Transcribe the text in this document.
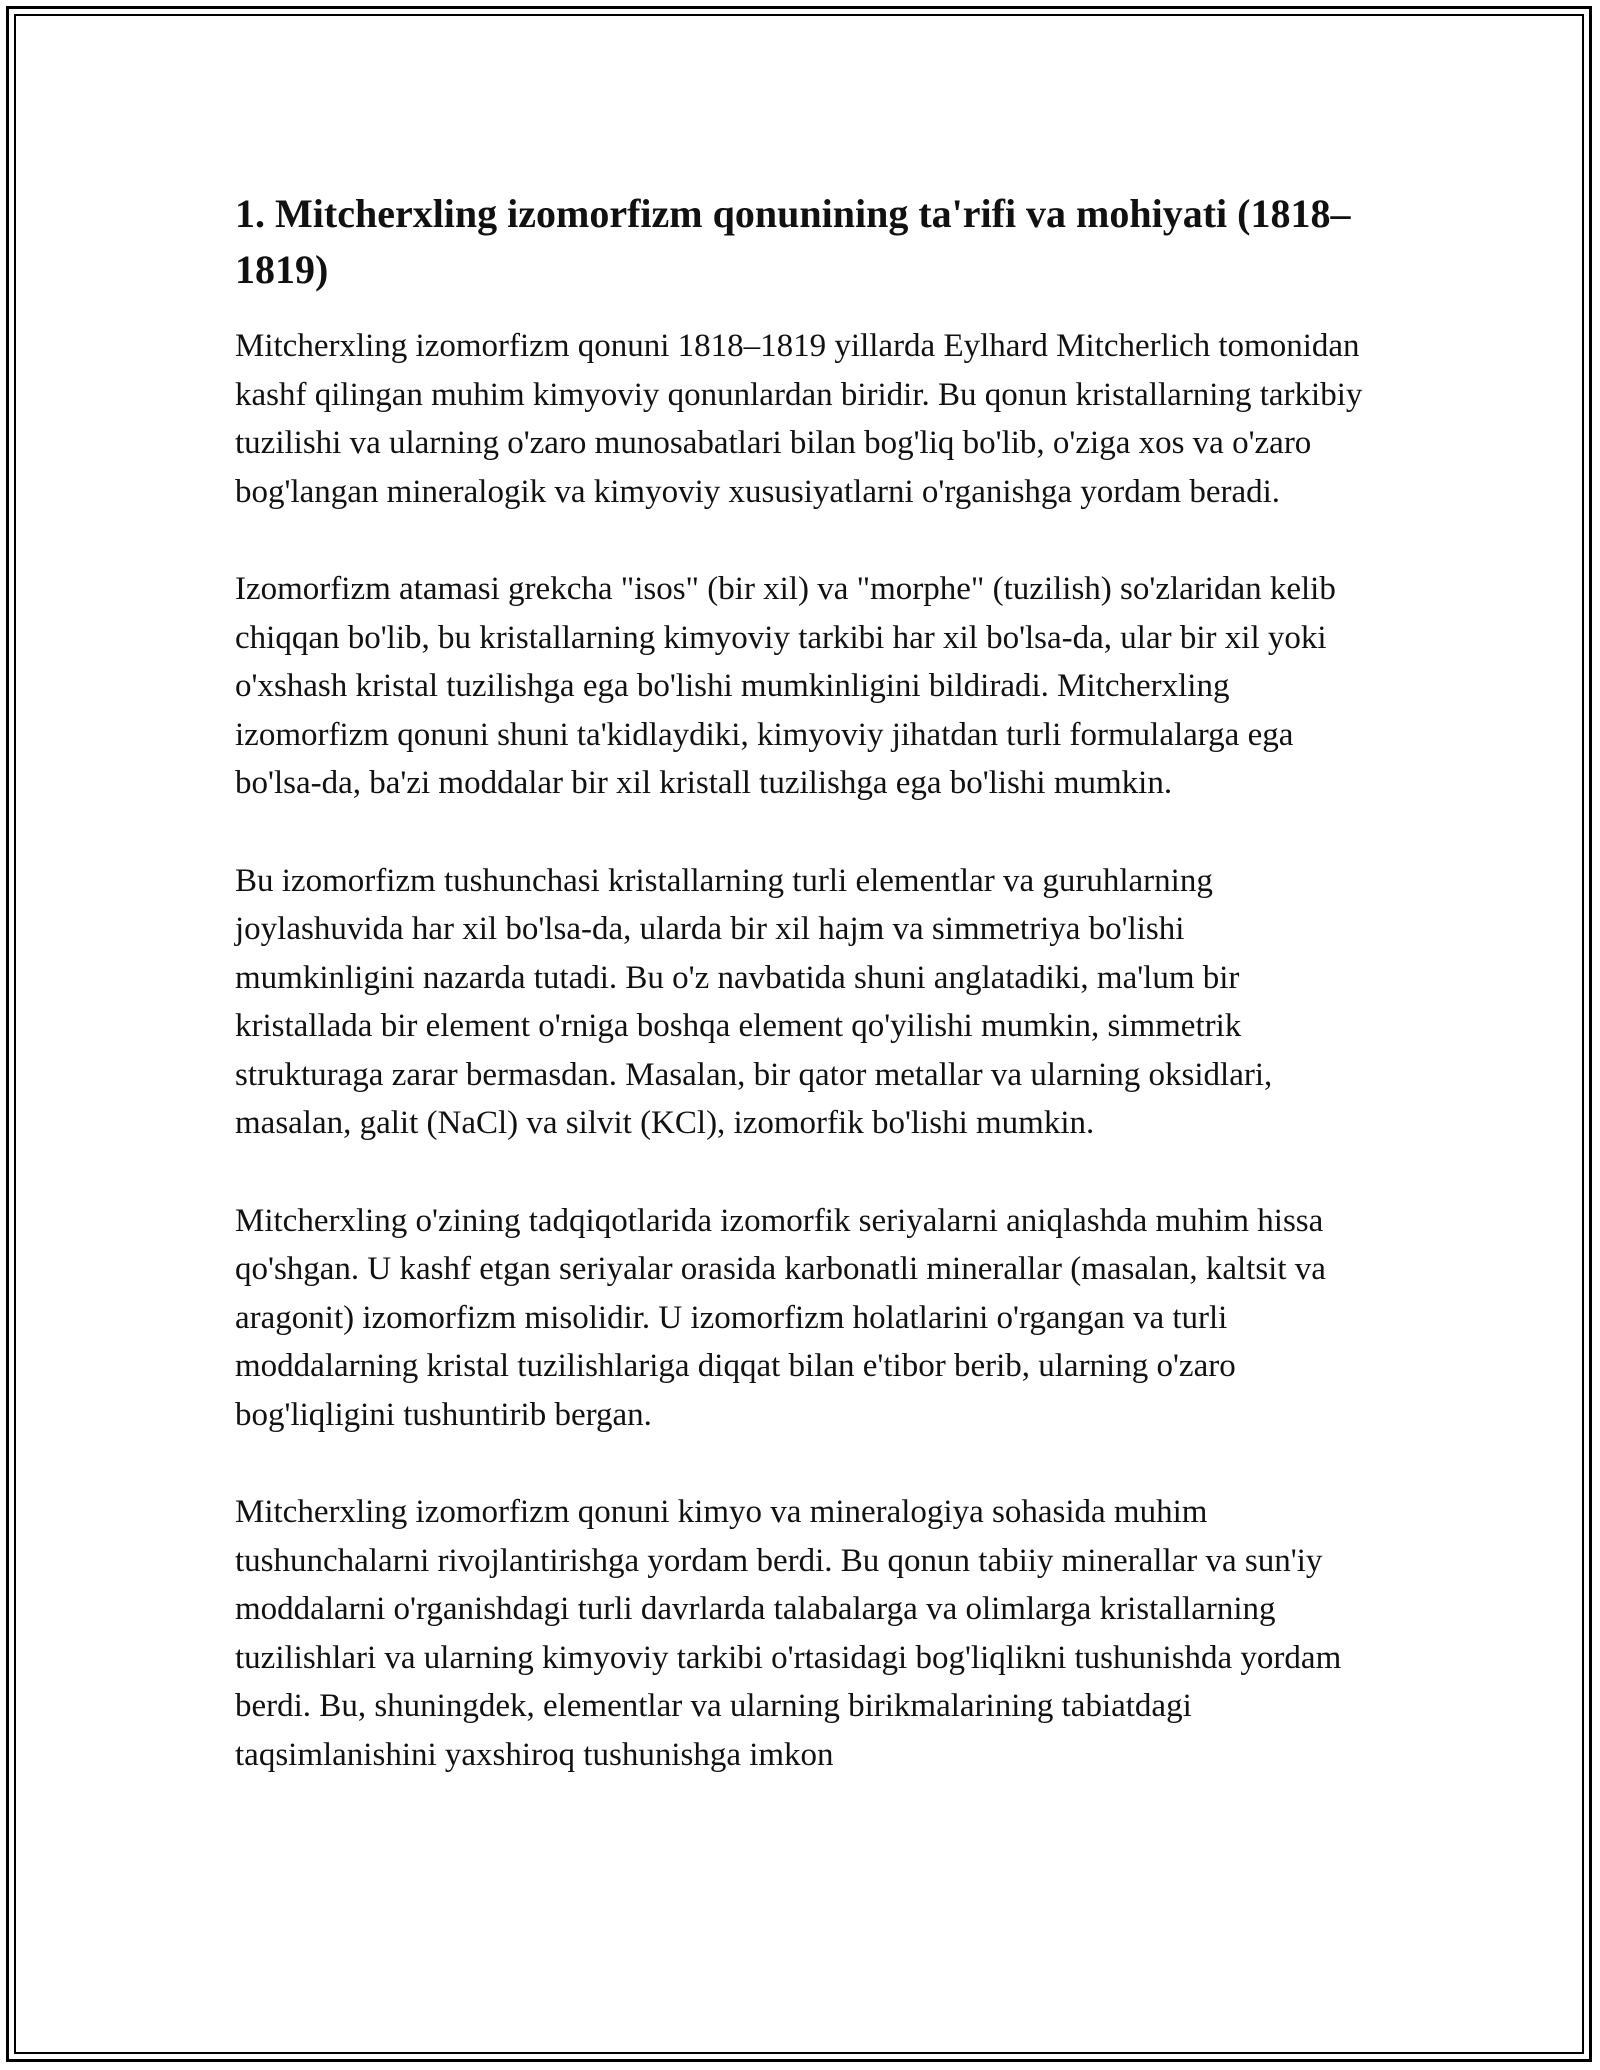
1. Mitcherxling izomorfizm qonunining ta'rifi va mohiyati (1818–1819)

Mitcherxling izomorfizm qonuni 1818–1819 yillarda Eylhard Mitcherlich tomonidan kashf qilingan muhim kimyoviy qonunlardan biridir. Bu qonun kristallarning tarkibiy tuzilishi va ularning o'zaro munosabatlari bilan bog'liq bo'lib, o'ziga xos va o'zaro bog'langan mineralogik va kimyoviy xususiyatlarni o'rganishga yordam beradi.

Izomorfizm atamasi grekcha "isos" (bir xil) va "morphe" (tuzilish) so'zlaridan kelib chiqqan bo'lib, bu kristallarning kimyoviy tarkibi har xil bo'lsa-da, ular bir xil yoki o'xshash kristal tuzilishga ega bo'lishi mumkinligini bildiradi. Mitcherxling izomorfizm qonuni shuni ta'kidlaydiki, kimyoviy jihatdan turli formulalarga ega bo'lsa-da, ba'zi moddalar bir xil kristall tuzilishga ega bo'lishi mumkin.

Bu izomorfizm tushunchasi kristallarning turli elementlar va guruhlarning joylashuvida har xil bo'lsa-da, ularda bir xil hajm va simmetriya bo'lishi mumkinligini nazarda tutadi. Bu o'z navbatida shuni anglatadiki, ma'lum bir kristallada bir element o'rniga boshqa element qo'yilishi mumkin, simmetrik strukturaga zarar bermasdan. Masalan, bir qator metallar va ularning oksidlari, masalan, galit (NaCl) va silvit (KCl), izomorfik bo'lishi mumkin.

Mitcherxling o'zining tadqiqotlarida izomorfik seriyalarni aniqlashda muhim hissa qo'shgan. U kashf etgan seriyalar orasida karbonatli minerallar (masalan, kaltsit va aragonit) izomorfizm misolidir. U izomorfizm holatlarini o'rgangan va turli moddalarning kristal tuzilishlariga diqqat bilan e'tibor berib, ularning o'zaro bog'liqligini tushuntirib bergan.

Mitcherxling izomorfizm qonuni kimyo va mineralogiya sohasida muhim tushunchalarni rivojlantirishga yordam berdi. Bu qonun tabiiy minerallar va sun'iy moddalarni o'rganishdagi turli davrlarda talabalarga va olimlarga kristallarning tuzilishlari va ularning kimyoviy tarkibi o'rtasidagi bog'liqlikni tushunishda yordam berdi. Bu, shuningdek, elementlar va ularning birikmalarining tabiatdagi taqsimlanishini yaxshiroq tushunishga imkon
